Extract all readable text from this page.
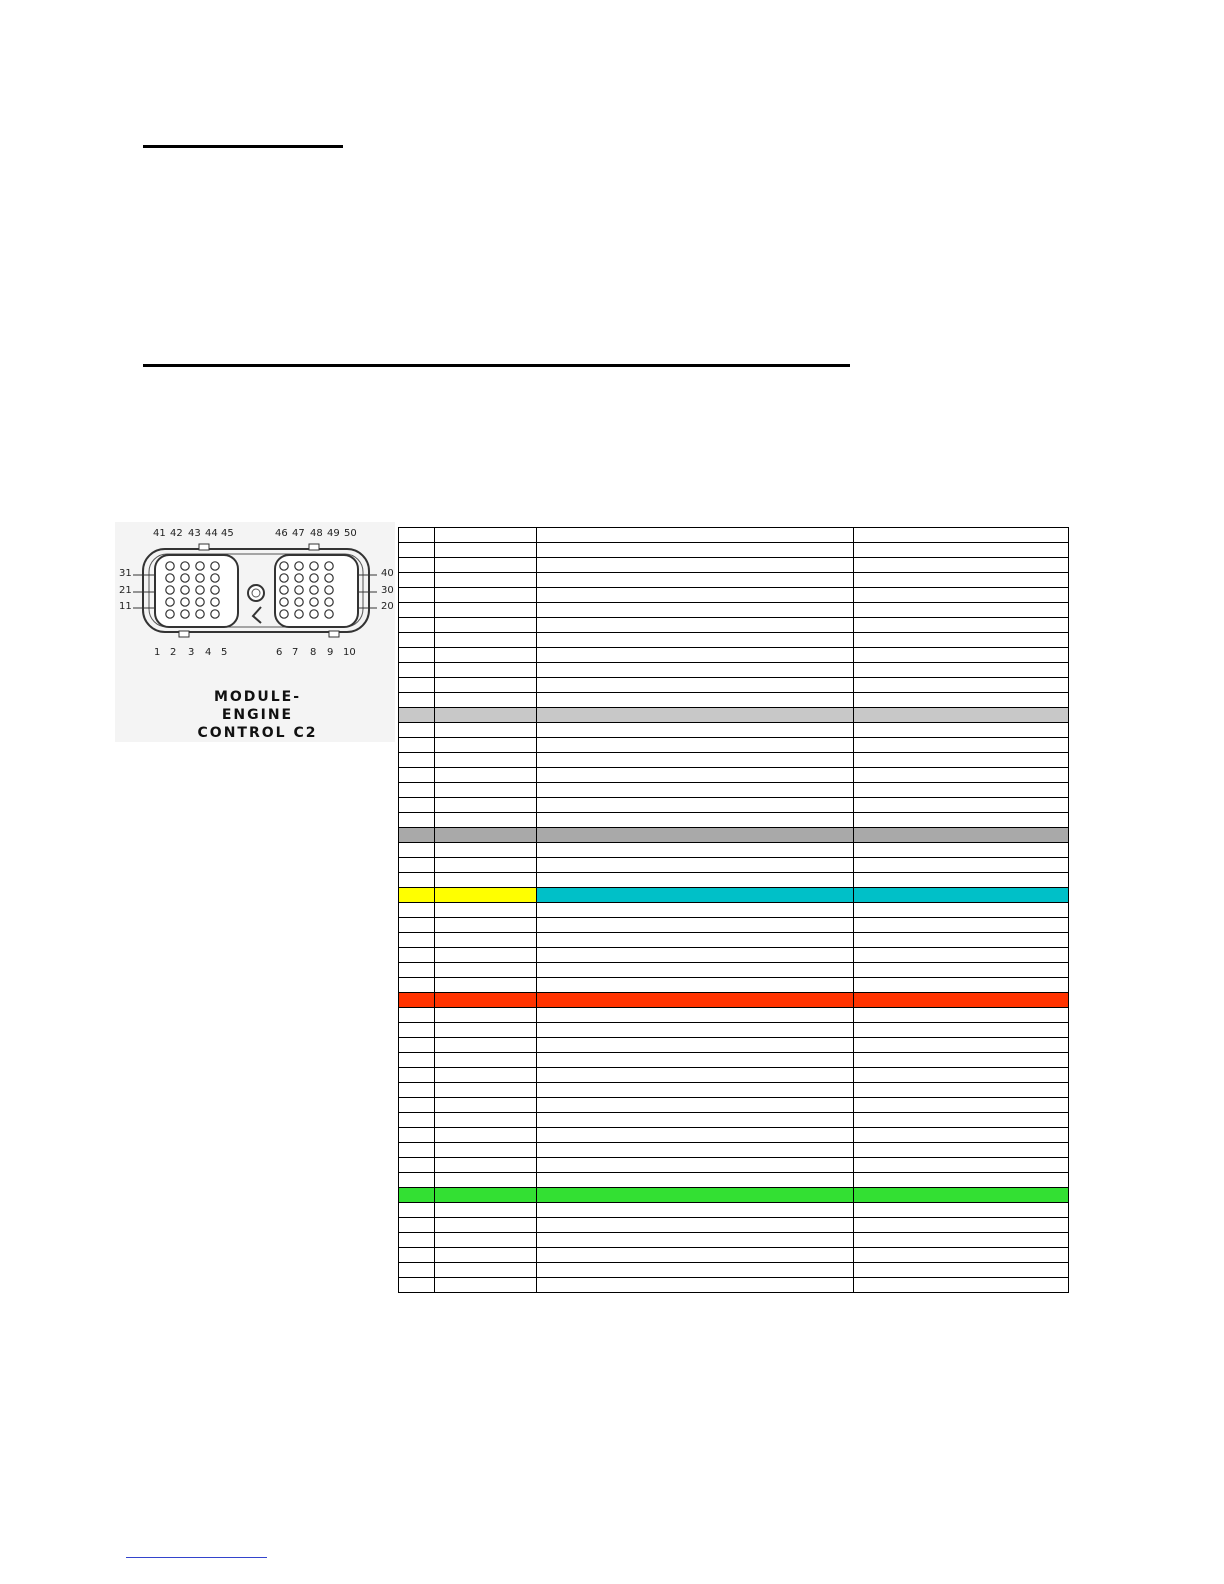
41 42 43 44 45	46 47 48 49 50
1 2 3 4 5	6 7 8 9 10
31
21
11
40
30
20
MODULE-
ENGINE
CONTROL C2
